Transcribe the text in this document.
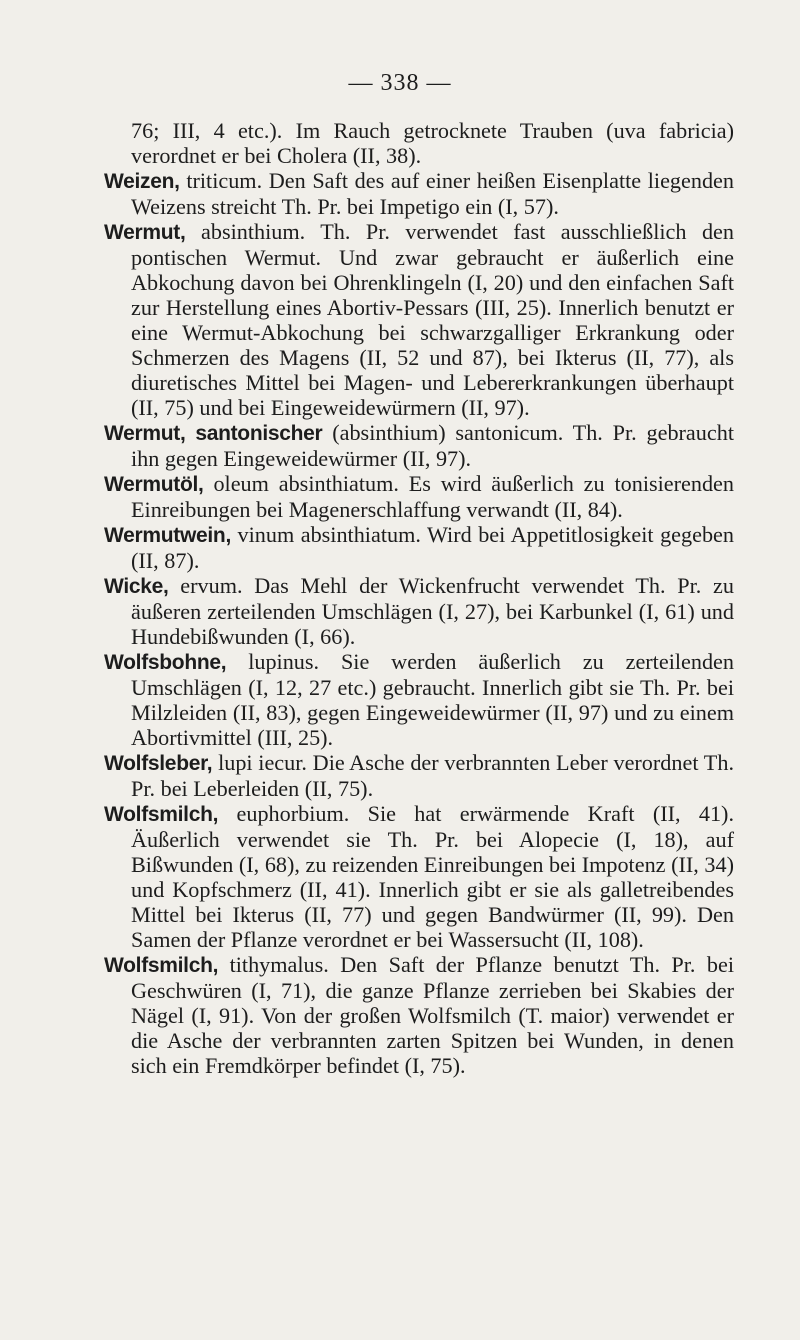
— 338 —

76; III, 4 etc.). Im Rauch getrocknete Trauben (uva fabricia) verordnet er bei Cholera (II, 38).

Weizen, triticum. Den Saft des auf einer heißen Eisenplatte liegenden Weizens streicht Th. Pr. bei Impetigo ein (I, 57).

Wermut, absinthium. Th. Pr. verwendet fast ausschließlich den pontischen Wermut. Und zwar gebraucht er äußerlich eine Abkochung davon bei Ohrenklingeln (I, 20) und den einfachen Saft zur Herstellung eines Abortiv-Pessars (III, 25). Innerlich benutzt er eine Wermut-Abkochung bei schwarzgalliger Erkrankung oder Schmerzen des Magens (II, 52 und 87), bei Ikterus (II, 77), als diuretisches Mittel bei Magen- und Lebererkrankungen überhaupt (II, 75) und bei Eingeweidewürmern (II, 97).

Wermut, santonischer (absinthium) santonicum. Th. Pr. gebraucht ihn gegen Eingeweidewürmer (II, 97).

Wermutöl, oleum absinthiatum. Es wird äußerlich zu tonisierenden Einreibungen bei Magenerschlaffung verwandt (II, 84).

Wermutwein, vinum absinthiatum. Wird bei Appetitlosigkeit gegeben (II, 87).

Wicke, ervum. Das Mehl der Wickenfrucht verwendet Th. Pr. zu äußeren zerteilenden Umschlägen (I, 27), bei Karbunkel (I, 61) und Hundebißwunden (I, 66).

Wolfsbohne, lupinus. Sie werden äußerlich zu zerteilenden Umschlägen (I, 12, 27 etc.) gebraucht. Innerlich gibt sie Th. Pr. bei Milzleiden (II, 83), gegen Eingeweidewürmer (II, 97) und zu einem Abortivmittel (III, 25).

Wolfsleber, lupi iecur. Die Asche der verbrannten Leber verordnet Th. Pr. bei Leberleiden (II, 75).

Wolfsmilch, euphorbium. Sie hat erwärmende Kraft (II, 41). Äußerlich verwendet sie Th. Pr. bei Alopecie (I, 18), auf Bißwunden (I, 68), zu reizenden Einreibungen bei Impotenz (II, 34) und Kopfschmerz (II, 41). Innerlich gibt er sie als galletreibendes Mittel bei Ikterus (II, 77) und gegen Bandwürmer (II, 99). Den Samen der Pflanze verordnet er bei Wassersucht (II, 108).

Wolfsmilch, tithymalus. Den Saft der Pflanze benutzt Th. Pr. bei Geschwüren (I, 71), die ganze Pflanze zerrieben bei Skabies der Nägel (I, 91). Von der großen Wolfsmilch (T. maior) verwendet er die Asche der verbrannten zarten Spitzen bei Wunden, in denen sich ein Fremdkörper befindet (I, 75).
